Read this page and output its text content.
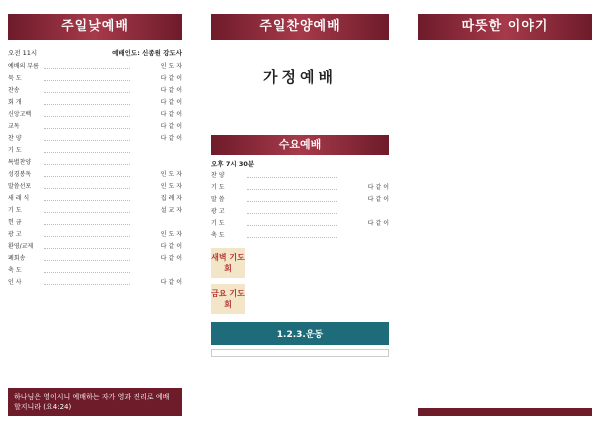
주일낮예배
오전 11시	예배인도: 신종원 강도사
예배의 부름	인 도 자
묵 도	다 같 이
찬송	다 같 이
회 개	다 같 이
신앙고백	다 같 이
교독	다 같 이
찬 양	다 같 이
기 도
특별찬양
성경봉독	인 도 자
말씀선포	인 도 자
새 래 식	집 례 자
기 도	설 교 자
헌 금
광 고	인 도 자
환영/교제	다 같 이
폐회송	다 같 이
축 도
인 사	다 같 이
하나님은 영이시니 예배하는 자가 영과 진리로 예배할지니라 (요4:24)
주일찬양예배
가정예배
수요예배
오후 7시 30분
찬 양
기 도	다 같 이
말 씀	다 같 이
광 고
기 도	다 같 이
축 도
새벽 기도회
금요 기도회
1.2.3.운동
따뜻한 이야기
